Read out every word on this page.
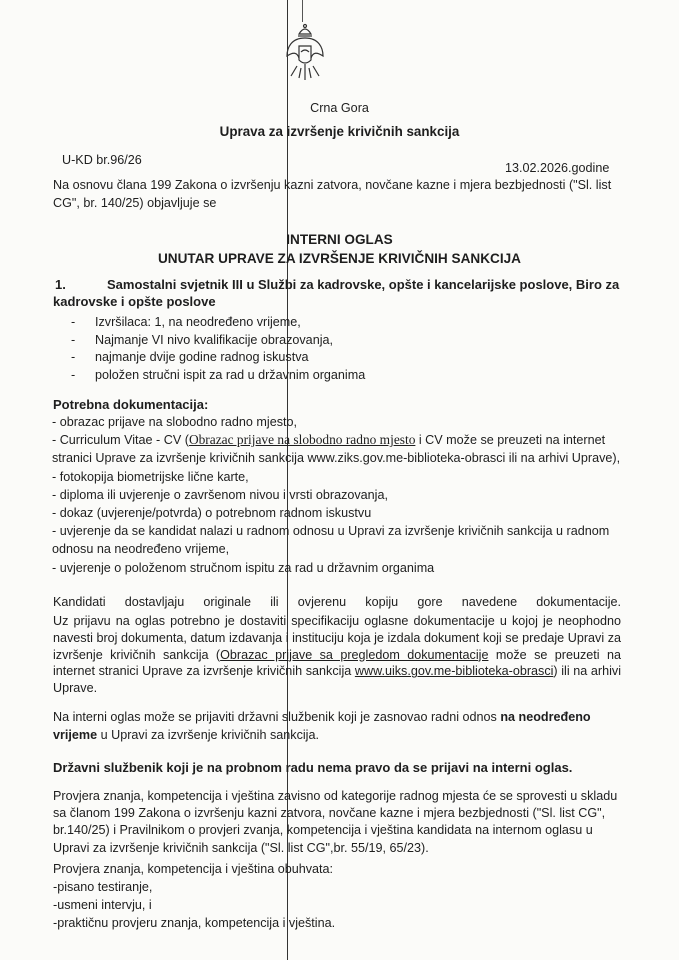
Crna Gora
Uprava za izvršenje krivičnih sankcija
U-KD br.96/26
13.02.2026.godine
Na osnovu člana 199 Zakona o izvršenju kazni zatvora, novčane kazne i mjera bezbjednosti ("Sl. list CG", br. 140/25) objavljuje se
INTERNI OGLAS
UNUTAR UPRAVE ZA IZVRŠENJE KRIVIČNIH SANKCIJA
1.	Samostalni svjetnik III u Službi za kadrovske, opšte i kancelarijske poslove, Biro za kadrovske i opšte poslove
- Izvršilaca: 1, na neodređeno vrijeme,
- Najmanje VI nivo kvalifikacije obrazovanja,
- najmanje dvije godine radnog iskustva
- položen stručni ispit za rad u državnim organima
Potrebna dokumentacija:
- obrazac prijave na slobodno radno mjesto,
- Curriculum Vitae - CV (Obrazac prijave na slobodno radno mjesto i CV može se preuzeti na internet stranici Uprave za izvršenje krivičnih sankcija www.ziks.gov.me-biblioteka-obrasci ili na arhivi Uprave),
- fotokopija biometrijske lične karte,
- diploma ili uvjerenje o završenom nivou i vrsti obrazovanja,
- dokaz (uvjerenje/potvrda) o potrebnom radnom iskustvu
- uvjerenje da se kandidat nalazi u radnom odnosu u Upravi za izvršenje krivičnih sankcija u radnom odnosu na neodređeno vrijeme,
- uvjerenje o položenom stručnom ispitu za rad u državnim organima
Kandidati dostavljaju originale ili ovjerenu kopiju gore navedene dokumentacije.
Uz prijavu na oglas potrebno je dostaviti specifikaciju oglasne dokumentacije u kojoj je neophodno navesti broj dokumenta, datum izdavanja i instituciju koja je izdala dokument koji se predaje Upravi za izvršenje krivičnih sankcija (Obrazac prijave sa pregledom dokumentacije može se preuzeti na internet stranici Uprave za izvršenje krivičnih sankcija www.uiks.gov.me-biblioteka-obrasci) ili na arhivi Uprave.
Na interni oglas može se prijaviti državni službenik koji je zasnovao radni odnos na neodređeno vrijeme u Upravi za izvršenje krivičnih sankcija.
Državni službenik koji je na probnom radu nema pravo da se prijavi na interni oglas.
Provjera znanja, kompetencija i vještina zavisno od kategorije radnog mjesta će se sprovesti u skladu sa članom 199 Zakona o izvršenju kazni zatvora, novčane kazne i mjera bezbjednosti ("Sl. list CG", br.140/25) i Pravilnikom o provjeri zvanja, kompetencija i vještina kandidata na internom oglasu u Upravi za izvršenje krivičnih sankcija ("Sl. list CG",br. 55/19, 65/23).
Provjera znanja, kompetencija i vještina obuhvata:
-pisano testiranje,
-usmeni intervju, i
-praktičnu provjeru znanja, kompetencija i vještina.
